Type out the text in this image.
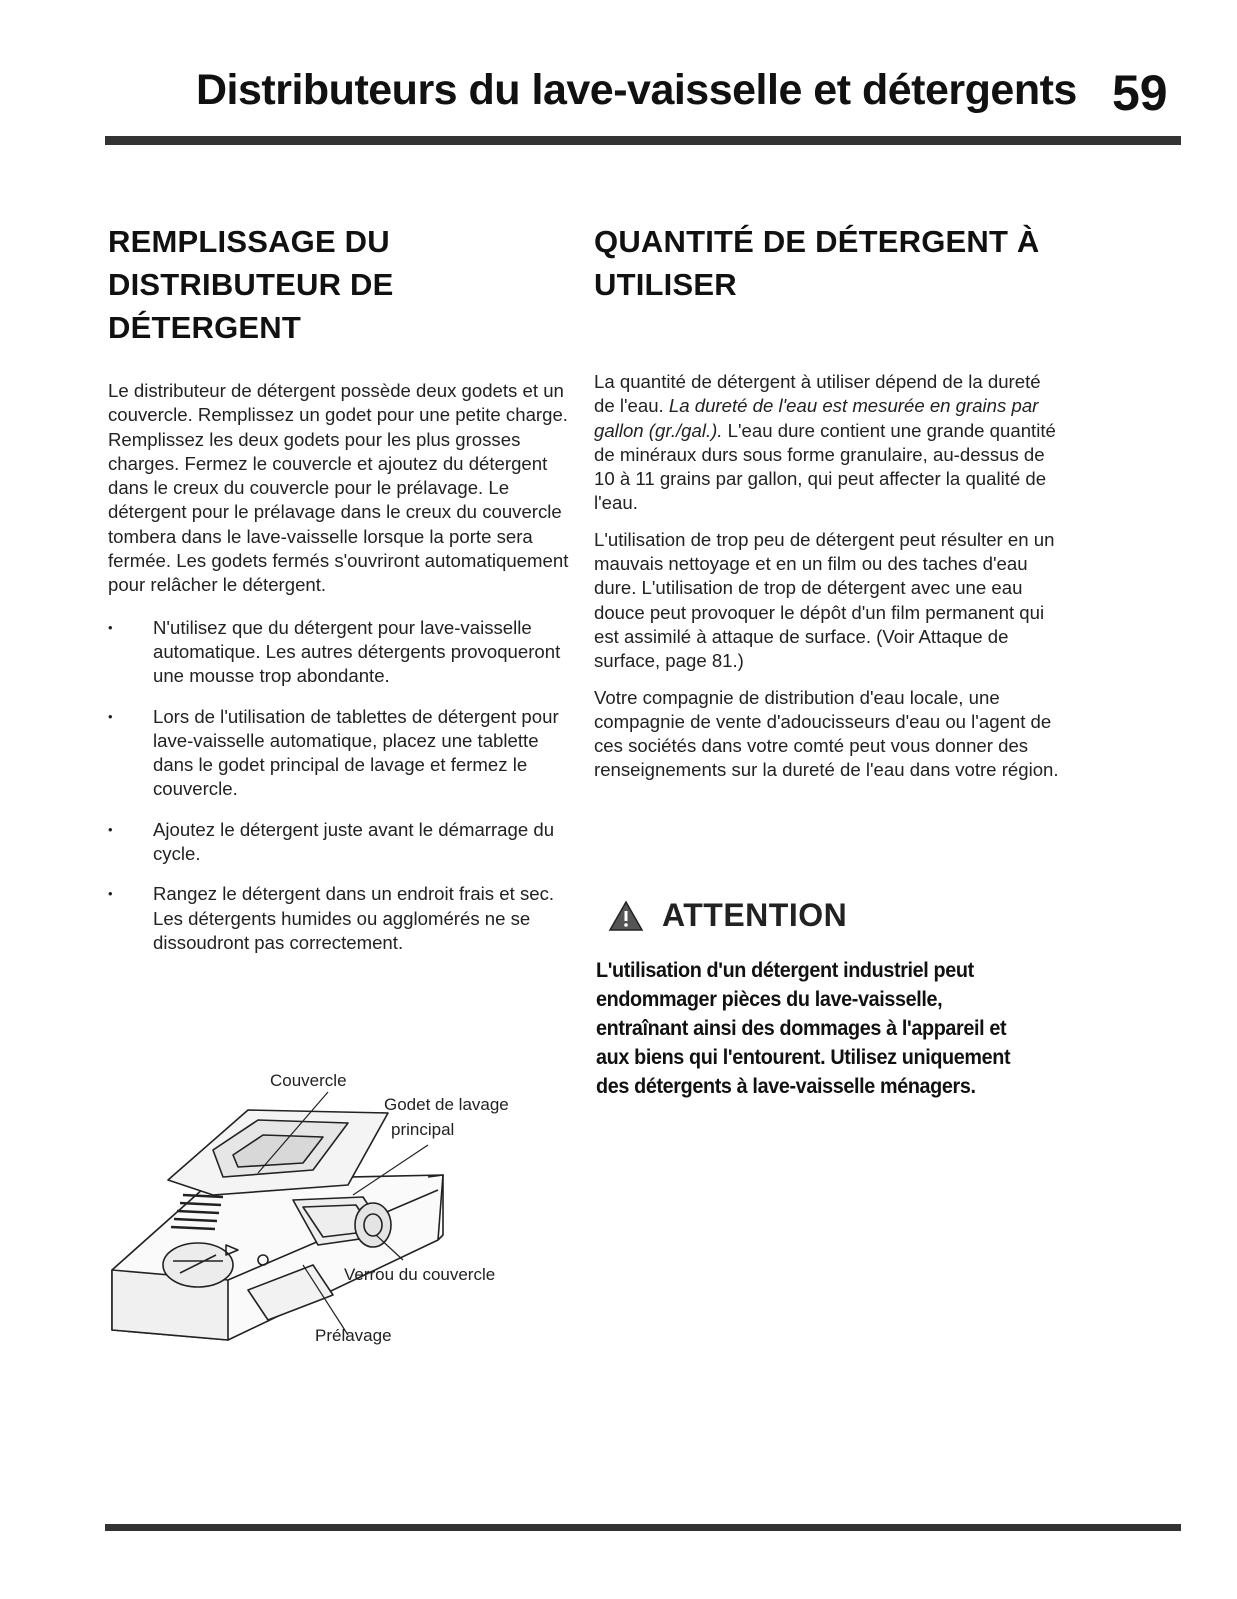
Distributeurs du lave-vaisselle et détergents 59
REMPLISSAGE DU
DISTRIBUTEUR DE
DÉTERGENT

Le distributeur de détergent possède deux godets et un couvercle. Remplissez un godet pour une petite charge. Remplissez les deux godets pour les plus grosses charges. Fermez le couvercle et ajoutez du détergent dans le creux du couvercle pour le prélavage. Le détergent pour le prélavage dans le creux du couvercle tombera dans le lave-vaisselle lorsque la porte sera fermée. Les godets fermés s'ouvriront automatiquement pour relâcher le détergent.

• N'utilisez que du détergent pour lave-vaisselle automatique. Les autres détergents provoqueront une mousse trop abondante.
• Lors de l'utilisation de tablettes de détergent pour lave-vaisselle automatique, placez une tablette dans le godet principal de lavage et fermez le couvercle.
• Ajoutez le détergent juste avant le démarrage du cycle.
• Rangez le détergent dans un endroit frais et sec. Les détergents humides ou agglomérés ne se dissoudront pas correctement.
Couvercle
Godet de lavage
principal
Verrou du couvercle
Prélavage
QUANTITÉ DE DÉTERGENT À
UTILISER

La quantité de détergent à utiliser dépend de la dureté de l'eau. La dureté de l'eau est mesurée en grains par gallon (gr./gal.). L'eau dure contient une grande quantité de minéraux durs sous forme granulaire, au-dessus de 10 à 11 grains par gallon, qui peut affecter la qualité de l'eau.

L'utilisation de trop peu de détergent peut résulter en un mauvais nettoyage et en un film ou des taches d'eau dure. L'utilisation de trop de détergent avec une eau douce peut provoquer le dépôt d'un film permanent qui est assimilé à attaque de surface. (Voir Attaque de surface, page 81.)

Votre compagnie de distribution d'eau locale, une compagnie de vente d'adoucisseurs d'eau ou l'agent de ces sociétés dans votre comté peut vous donner des renseignements sur la dureté de l'eau dans votre région.

ATTENTION
L'utilisation d'un détergent industriel peut endommager pièces du lave-vaisselle, entraînant ainsi des dommages à l'appareil et aux biens qui l'entourent. Utilisez uniquement des détergents à lave-vaisselle ménagers.
